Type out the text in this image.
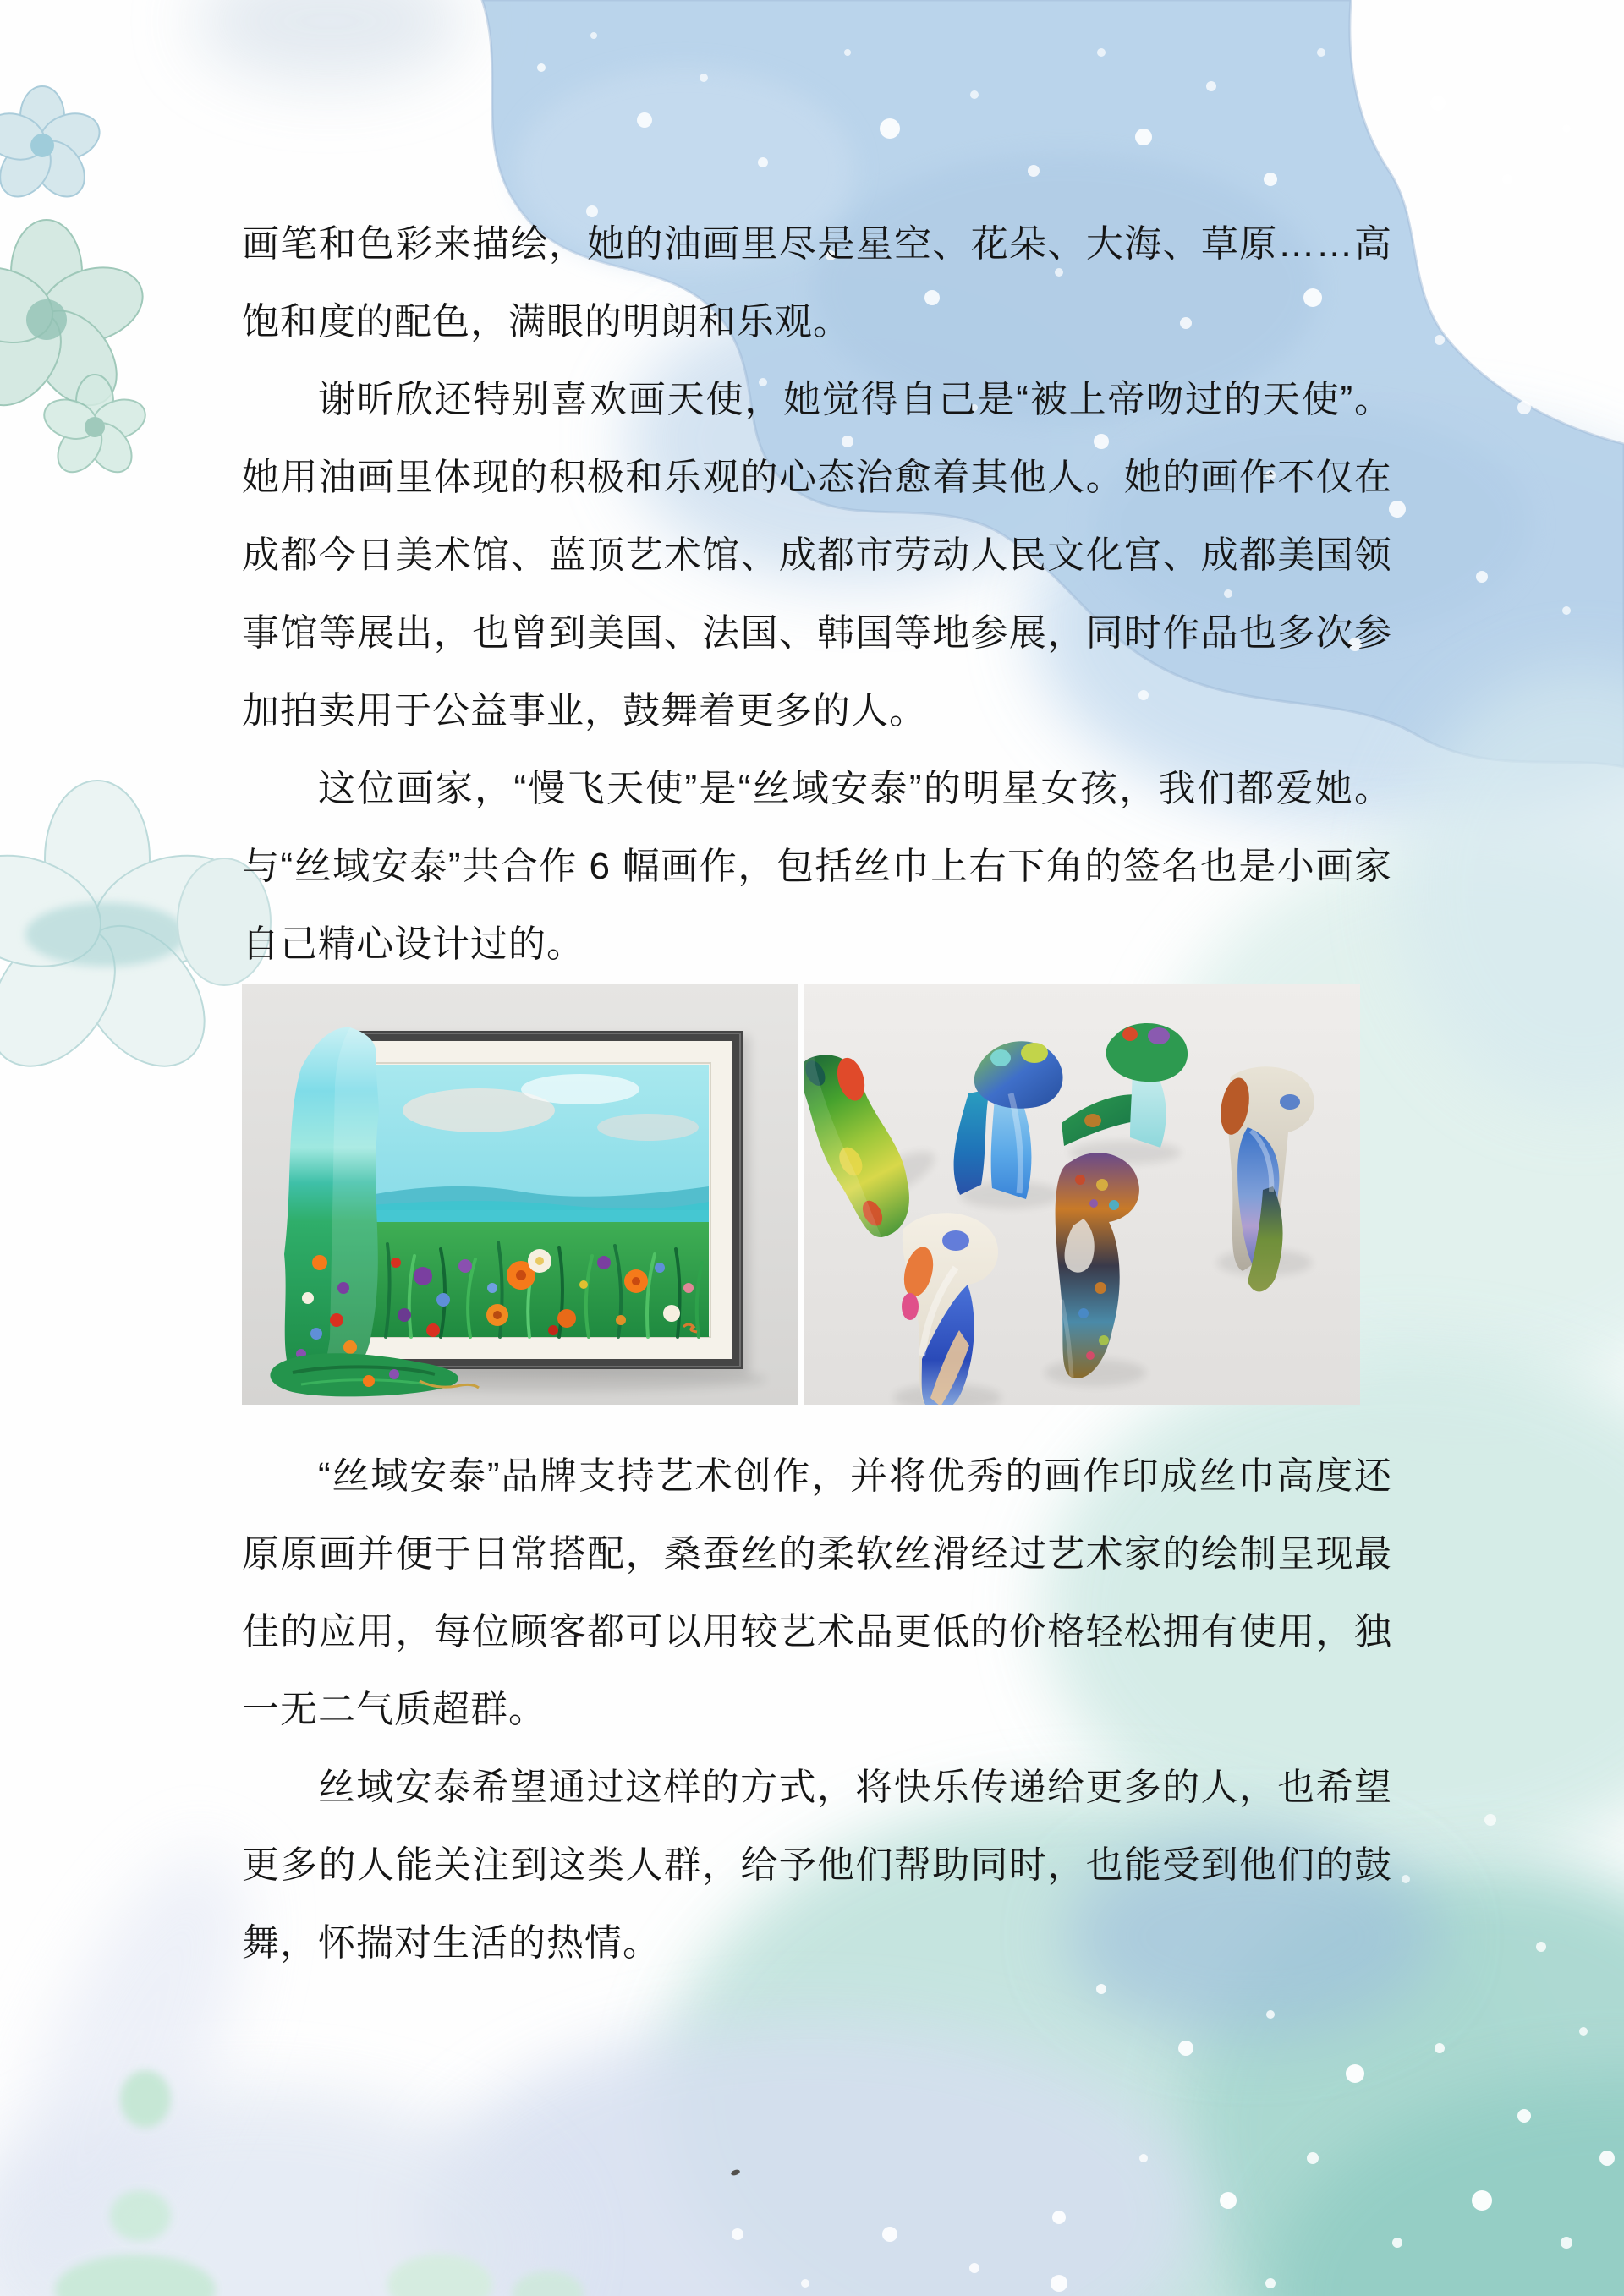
画笔和色彩来描绘，她的油画里尽是星空、花朵、大海、草原……高饱和度的配色，满眼的明朗和乐观。

谢昕欣还特别喜欢画天使，她觉得自己是“被上帝吻过的天使”。她用油画里体现的积极和乐观的心态治愈着其他人。她的画作不仅在成都今日美术馆、蓝顶艺术馆、成都市劳动人民文化宫、成都美国领事馆等展出，也曾到美国、法国、韩国等地参展，同时作品也多次参加拍卖用于公益事业，鼓舞着更多的人。

这位画家，“慢飞天使”是“丝域安泰”的明星女孩，我们都爱她。与“丝域安泰”共合作 6 幅画作，包括丝巾上右下角的签名也是小画家自己精心设计过的。

“丝域安泰”品牌支持艺术创作，并将优秀的画作印成丝巾高度还原原画并便于日常搭配，桑蚕丝的柔软丝滑经过艺术家的绘制呈现最佳的应用，每位顾客都可以用较艺术品更低的价格轻松拥有使用，独一无二气质超群。

丝域安泰希望通过这样的方式，将快乐传递给更多的人，也希望更多的人能关注到这类人群，给予他们帮助同时，也能受到他们的鼓舞，怀揣对生活的热情。
